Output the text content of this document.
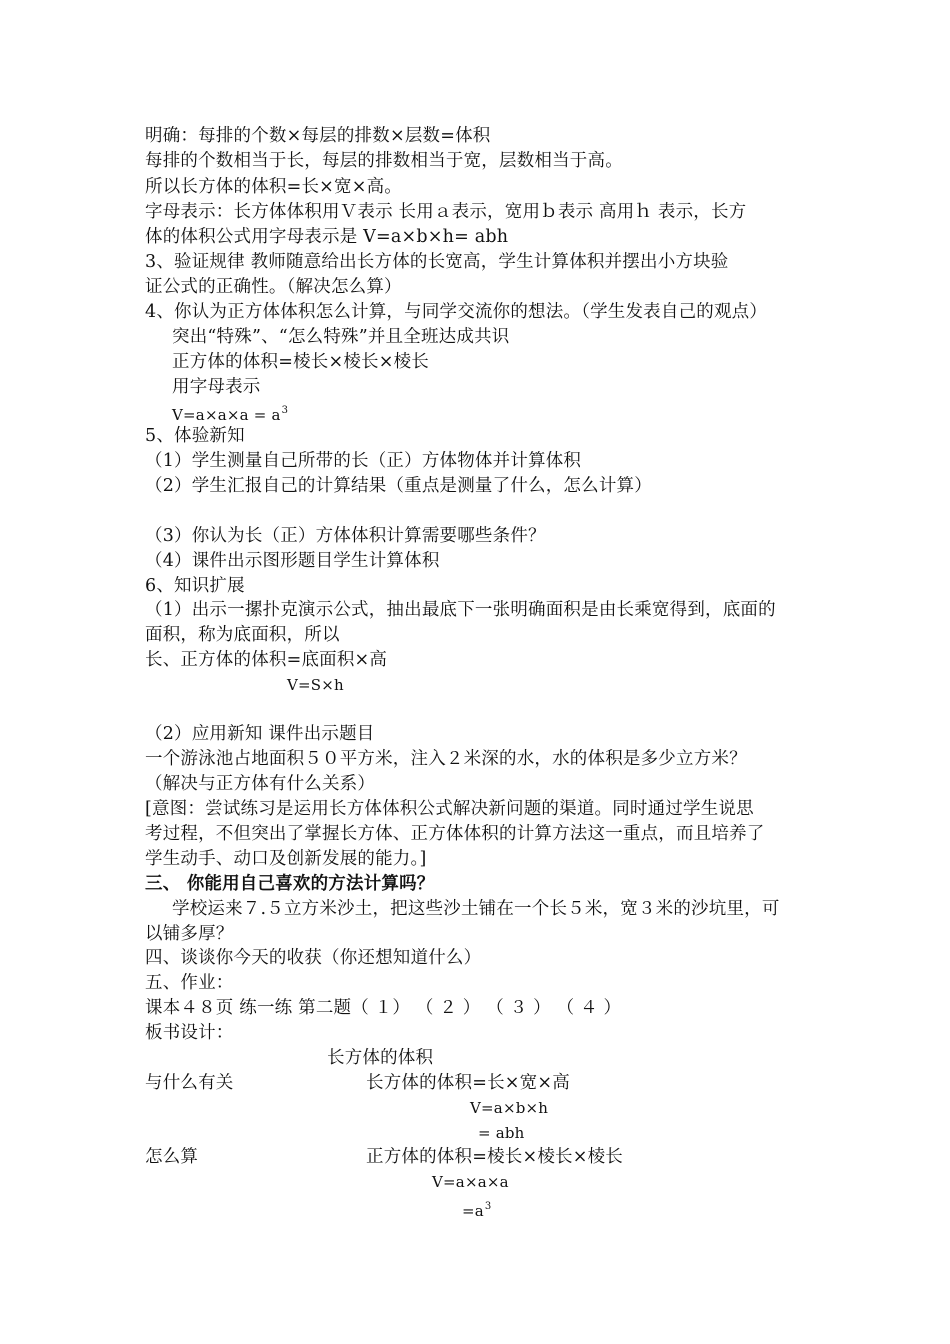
明确：每排的个数×每层的排数×层数=体积
每排的个数相当于长，每层的排数相当于宽，层数相当于高。
所以长方体的体积=长×宽×高。
字母表示：长方体体积用Ｖ表示 长用ａ表示，宽用ｂ表示 高用ｈ 表示，长方
体的体积公式用字母表示是 V=a×b×h= abh
3、验证规律 教师随意给出长方体的长宽高，学生计算体积并摆出小方块验
证公式的正确性。（解决怎么算）
4、你认为正方体体积怎么计算，与同学交流你的想法。（学生发表自己的观点）
突出“特殊”、“怎么特殊”并且全班达成共识
正方体的体积=棱长×棱长×棱长
用字母表示
V=a×a×a = a 3
5、体验新知
（1）学生测量自己所带的长（正）方体物体并计算体积
（2）学生汇报自己的计算结果（重点是测量了什么，怎么计算）
（3）你认为长（正）方体体积计算需要哪些条件？
（4）课件出示图形题目学生计算体积
6、知识扩展
（1）出示一摞扑克演示公式，抽出最底下一张明确面积是由长乘宽得到，底面的
面积，称为底面积，所以
长、正方体的体积=底面积×高
V=S×h
（2）应用新知 课件出示题目
一个游泳池占地面积５０平方米，注入２米深的水，水的体积是多少立方米？
（解决与正方体有什么关系）
[意图：尝试练习是运用长方体体积公式解决新问题的渠道。同时通过学生说思
考过程，不但突出了掌握长方体、正方体体积的计算方法这一重点，而且培养了
学生动手、动口及创新发展的能力。]
三、 你能用自己喜欢的方法计算吗？
学校运来７.５立方米沙土，把这些沙土铺在一个长５米，宽３米的沙坑里，可
以铺多厚？
四、谈谈你今天的收获（你还想知道什么）
五、作业：
课本４８页 练一练 第二题（ １） （ ２ ） （ ３ ） （ ４ ）
板书设计：
长方体的体积
与什么有关	长方体的体积=长×宽×高
V=a×b×h
= abh
怎么算	正方体的体积=棱长×棱长×棱长
V=a×a×a
=a 3
